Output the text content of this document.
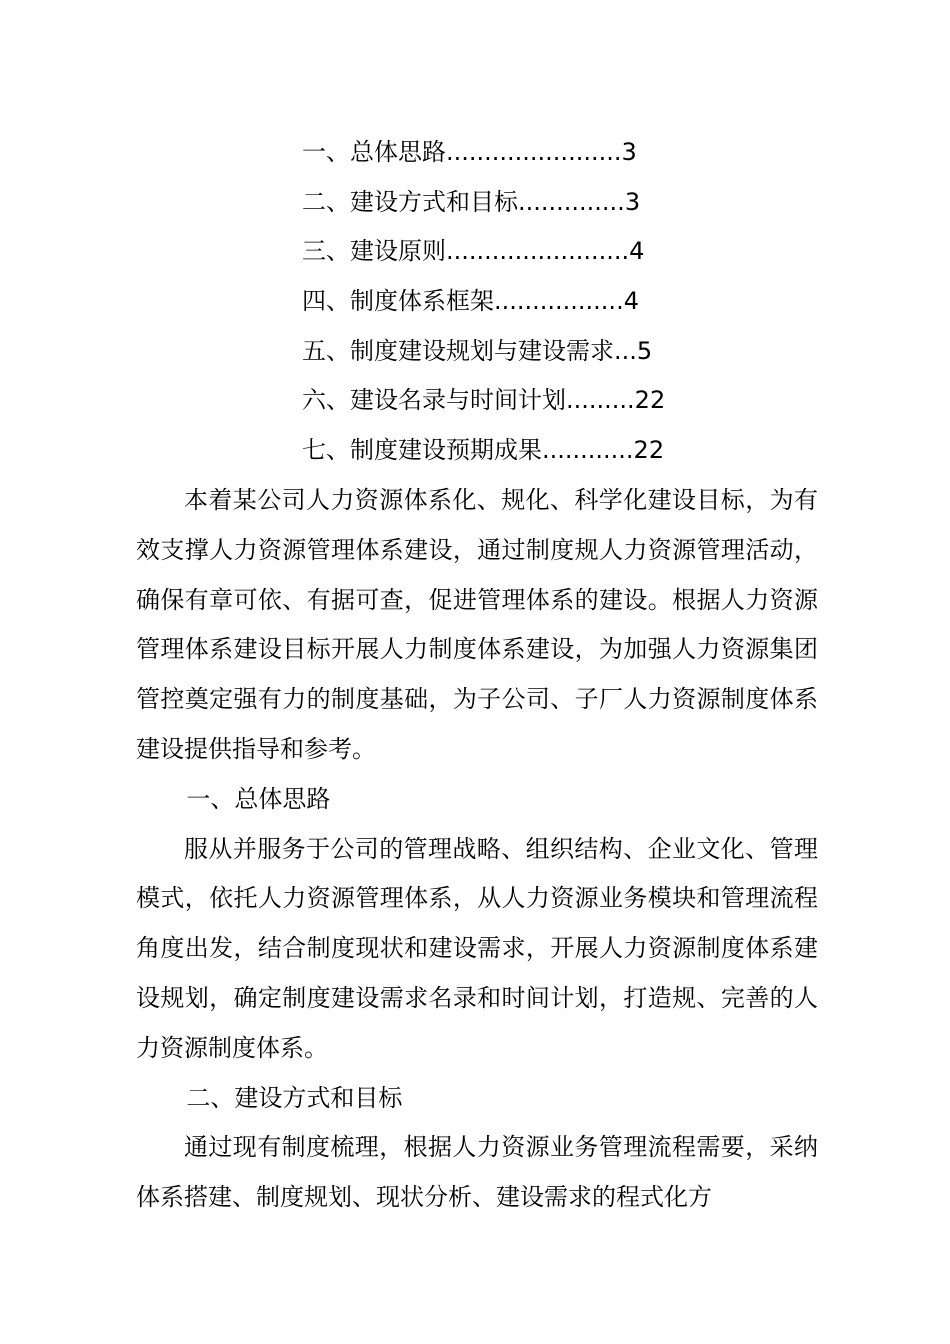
一、总体思路.......................3
二、建设方式和目标..............3
三、建设原则........................4
四、制度体系框架.................4
五、制度建设规划与建设需求...5
六、建设名录与时间计划.........22
七、制度建设预期成果............22

本着某公司人力资源体系化、规化、科学化建设目标，为有效支撑人力资源管理体系建设，通过制度规人力资源管理活动，确保有章可依、有据可查，促进管理体系的建设。根据人力资源管理体系建设目标开展人力制度体系建设，为加强人力资源集团管控奠定强有力的制度基础，为子公司、子厂人力资源制度体系建设提供指导和参考。

一、总体思路

服从并服务于公司的管理战略、组织结构、企业文化、管理模式，依托人力资源管理体系，从人力资源业务模块和管理流程角度出发，结合制度现状和建设需求，开展人力资源制度体系建设规划，确定制度建设需求名录和时间计划，打造规、完善的人力资源制度体系。

二、建设方式和目标

通过现有制度梳理，根据人力资源业务管理流程需要，采纳体系搭建、制度规划、现状分析、建设需求的程式化方
